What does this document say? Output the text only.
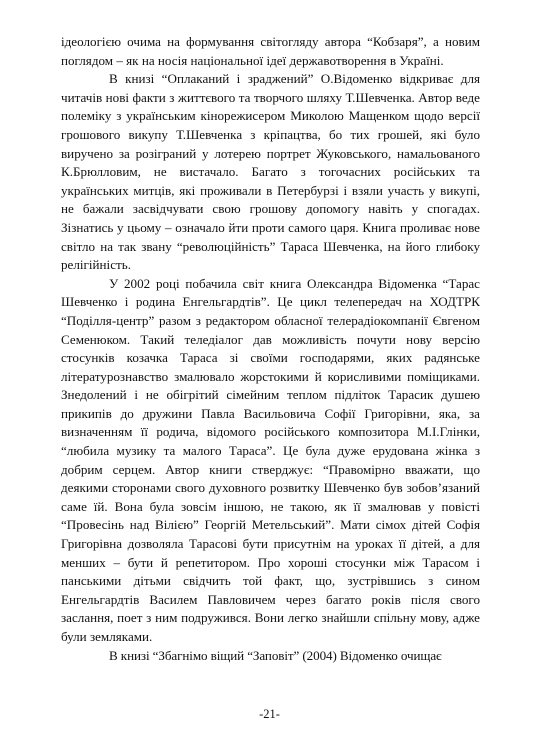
ідеологією очима на формування світогляду автора “Кобзаря”, а новим поглядом – як на носія національної ідеї державотворення в Україні.

В книзі “Оплаканий і зраджений” О.Відоменко відкриває для читачів нові факти з життєвого та творчого шляху Т.Шевченка. Автор веде полеміку з українським кінорежисером Миколою Мащенком щодо версії грошового викупу Т.Шевченка з кріпацтва, бо тих грошей, які було виручено за розіграний у лотерею портрет Жуковського, намальованого К.Брюлловим, не вистачало. Багато з тогочасних російських та українських митців, які проживали в Петербурзі і взяли участь у викупі, не бажали засвідчувати свою грошову допомогу навіть у спогадах. Зізнатись у цьому – означало йти проти самого царя. Книга проливає нове світло на так звану “революційність” Тараса Шевченка, на його глибоку релігійність.

У 2002 році побачила світ книга Олександра Відоменка “Тарас Шевченко і родина Енгельгардтів”. Це цикл телепередач на ХОДТРК “Поділля-центр” разом з редактором обласної телерадіокомпанії Євгеном Семенюком. Такий теледіалог дав можливість почути нову версію стосунків козачка Тараса зі своїми господарями, яких радянське літературознавство змалювало жорстокими й корисливими поміщиками. Знедолений і не обігрітий сімейним теплом підліток Тарасик душею прикипів до дружини Павла Васильовича Софії Григорівни, яка, за визначенням її родича, відомого російського композитора М.І.Глінки, “любила музику та малого Тараса”. Це була дуже ерудована жінка з добрим серцем. Автор книги стверджує: “Правомірно вважати, що деякими сторонами свого духовного розвитку Шевченко був зобов’язаний саме їй. Вона була зовсім іншою, не такою, як її змалював у повісті “Провесінь над Вілією” Георгій Метельський”. Мати сімох дітей Софія Григорівна дозволяла Тарасові бути присутнім на уроках її дітей, а для менших – бути й репетитором. Про хороші стосунки між Тарасом і панськими дітьми свідчить той факт, що, зустрівшись з сином Енгельгардтів Василем Павловичем через багато років після свого заслання, поет з ним подружився. Вони легко знайшли спільну мову, адже були земляками.

В книзі “Збагнімо віщий “Заповіт” (2004) Відоменко очищає

-21-
